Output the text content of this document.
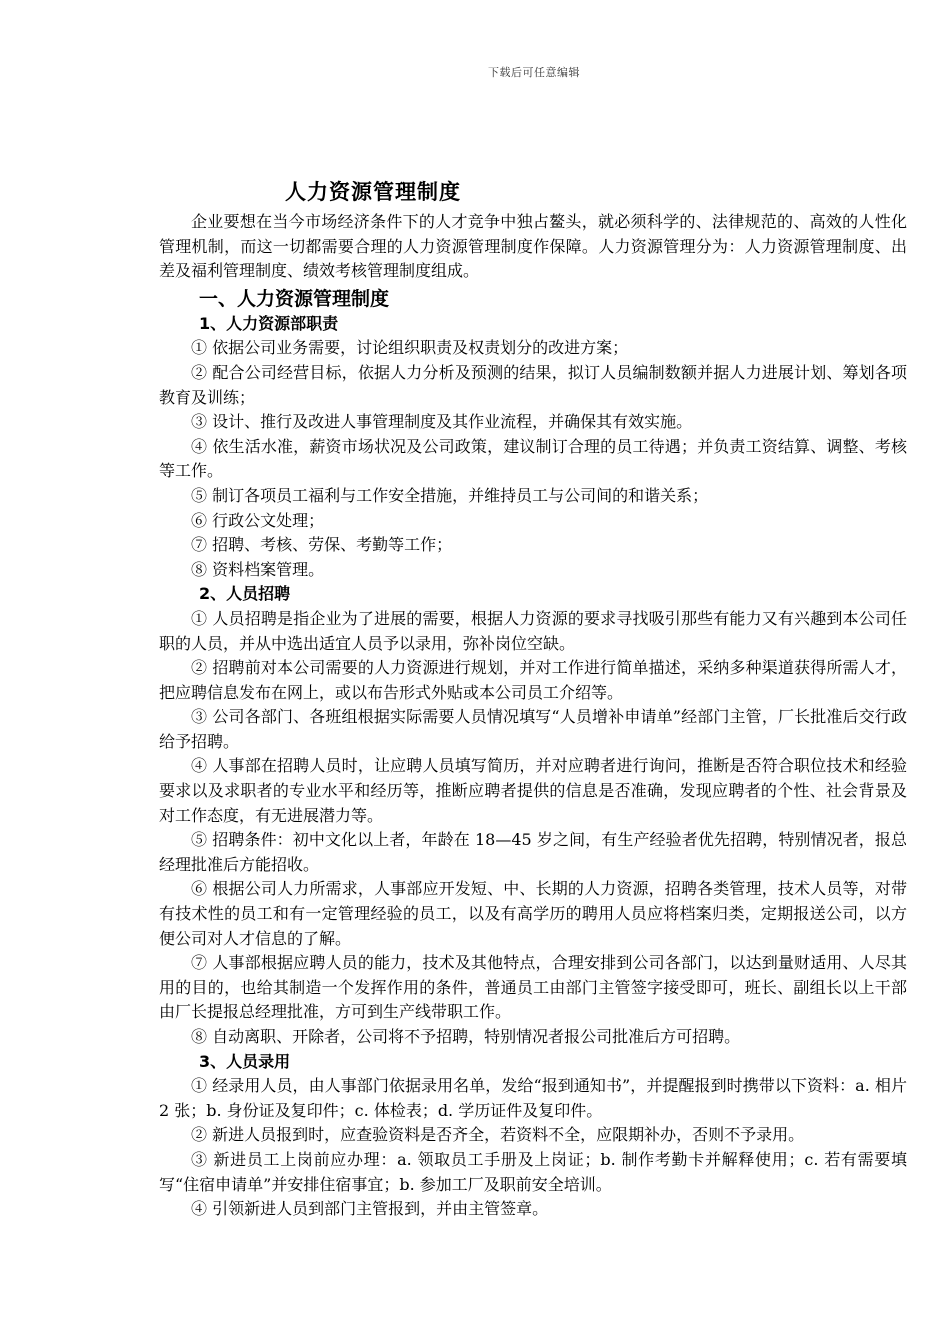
下载后可任意编辑
人力资源管理制度

企业要想在当今市场经济条件下的人才竞争中独占鳌头，就必须科学的、法律规范的、高效的人性化管理机制，而这一切都需要合理的人力资源管理制度作保障。人力资源管理分为：人力资源管理制度、出差及福利管理制度、绩效考核管理制度组成。

一、人力资源管理制度
1、人力资源部职责

① 依据公司业务需要，讨论组织职责及权责划分的改进方案；

② 配合公司经营目标，依据人力分析及预测的结果，拟订人员编制数额并据人力进展计划、筹划各项教育及训练；

③ 设计、推行及改进人事管理制度及其作业流程，并确保其有效实施。

④ 依生活水准，薪资市场状况及公司政策，建议制订合理的员工待遇；并负责工资结算、调整、考核等工作。

⑤ 制订各项员工福利与工作安全措施，并维持员工与公司间的和谐关系；

⑥ 行政公文处理；

⑦ 招聘、考核、劳保、考勤等工作；

⑧ 资料档案管理。

2、人员招聘

① 人员招聘是指企业为了进展的需要，根据人力资源的要求寻找吸引那些有能力又有兴趣到本公司任职的人员，并从中选出适宜人员予以录用，弥补岗位空缺。

② 招聘前对本公司需要的人力资源进行规划，并对工作进行简单描述，采纳多种渠道获得所需人才，把应聘信息发布在网上，或以布告形式外贴或本公司员工介绍等。

③ 公司各部门、各班组根据实际需要人员情况填写“人员增补申请单”经部门主管，厂长批准后交行政给予招聘。

④ 人事部在招聘人员时，让应聘人员填写简历，并对应聘者进行询问，推断是否符合职位技术和经验要求以及求职者的专业水平和经历等，推断应聘者提供的信息是否准确，发现应聘者的个性、社会背景及对工作态度，有无进展潜力等。

⑤ 招聘条件：初中文化以上者，年龄在 18—45 岁之间，有生产经验者优先招聘，特别情况者，报总经理批准后方能招收。

⑥ 根据公司人力所需求，人事部应开发短、中、长期的人力资源，招聘各类管理，技术人员等，对带有技术性的员工和有一定管理经验的员工，以及有高学历的聘用人员应将档案归类，定期报送公司，以方便公司对人才信息的了解。

⑦ 人事部根据应聘人员的能力，技术及其他特点，合理安排到公司各部门，以达到量财适用、人尽其用的目的，也给其制造一个发挥作用的条件，普通员工由部门主管签字接受即可，班长、副组长以上干部由厂长提报总经理批准，方可到生产线带职工作。

⑧ 自动离职、开除者，公司将不予招聘，特别情况者报公司批准后方可招聘。

3、人员录用

① 经录用人员，由人事部门依据录用名单，发给“报到通知书”，并提醒报到时携带以下资料：a. 相片 2 张；b. 身份证及复印件；c. 体检表；d. 学历证件及复印件。

② 新进人员报到时，应查验资料是否齐全，若资料不全，应限期补办，否则不予录用。

③ 新进员工上岗前应办理：a. 领取员工手册及上岗证；b. 制作考勤卡并解释使用；c. 若有需要填写“住宿申请单”并安排住宿事宜；b. 参加工厂及职前安全培训。

④ 引领新进人员到部门主管报到，并由主管签章。
